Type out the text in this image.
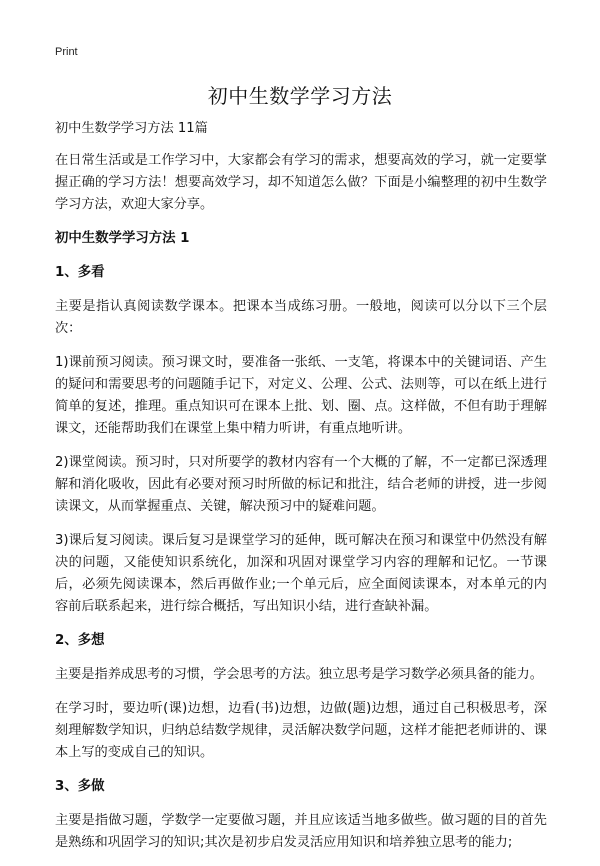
Print
初中生数学学习方法

初中生数学学习方法 11篇

在日常生活或是工作学习中，大家都会有学习的需求，想要高效的学习，就一定要掌握正确的学习方法！想要高效学习，却不知道怎么做？下面是小编整理的初中生数学学习方法，欢迎大家分享。

初中生数学学习方法 1
1、多看

主要是指认真阅读数学课本。把课本当成练习册。一般地，阅读可以分以下三个层次：

1)课前预习阅读。预习课文时，要准备一张纸、一支笔，将课本中的关键词语、产生的疑问和需要思考的问题随手记下，对定义、公理、公式、法则等，可以在纸上进行简单的复述，推理。重点知识可在课本上批、划、圈、点。这样做，不但有助于理解课文，还能帮助我们在课堂上集中精力听讲，有重点地听讲。

2)课堂阅读。预习时，只对所要学的教材内容有一个大概的了解，不一定都已深透理解和消化吸收，因此有必要对预习时所做的标记和批注，结合老师的讲授，进一步阅读课文，从而掌握重点、关键，解决预习中的疑难问题。

3)课后复习阅读。课后复习是课堂学习的延伸，既可解决在预习和课堂中仍然没有解决的问题，又能使知识系统化，加深和巩固对课堂学习内容的理解和记忆。一节课后，必须先阅读课本，然后再做作业;一个单元后，应全面阅读课本，对本单元的内容前后联系起来，进行综合概括，写出知识小结，进行查缺补漏。

2、多想

主要是指养成思考的习惯，学会思考的方法。独立思考是学习数学必须具备的能力。

在学习时，要边听(课)边想，边看(书)边想，边做(题)边想，通过自己积极思考，深刻理解数学知识，归纳总结数学规律，灵活解决数学问题，这样才能把老师讲的、课本上写的变成自己的知识。

3、多做

主要是指做习题，学数学一定要做习题，并且应该适当地多做些。做习题的目的首先是熟练和巩固学习的知识;其次是初步启发灵活应用知识和培养独立思考的能力;
